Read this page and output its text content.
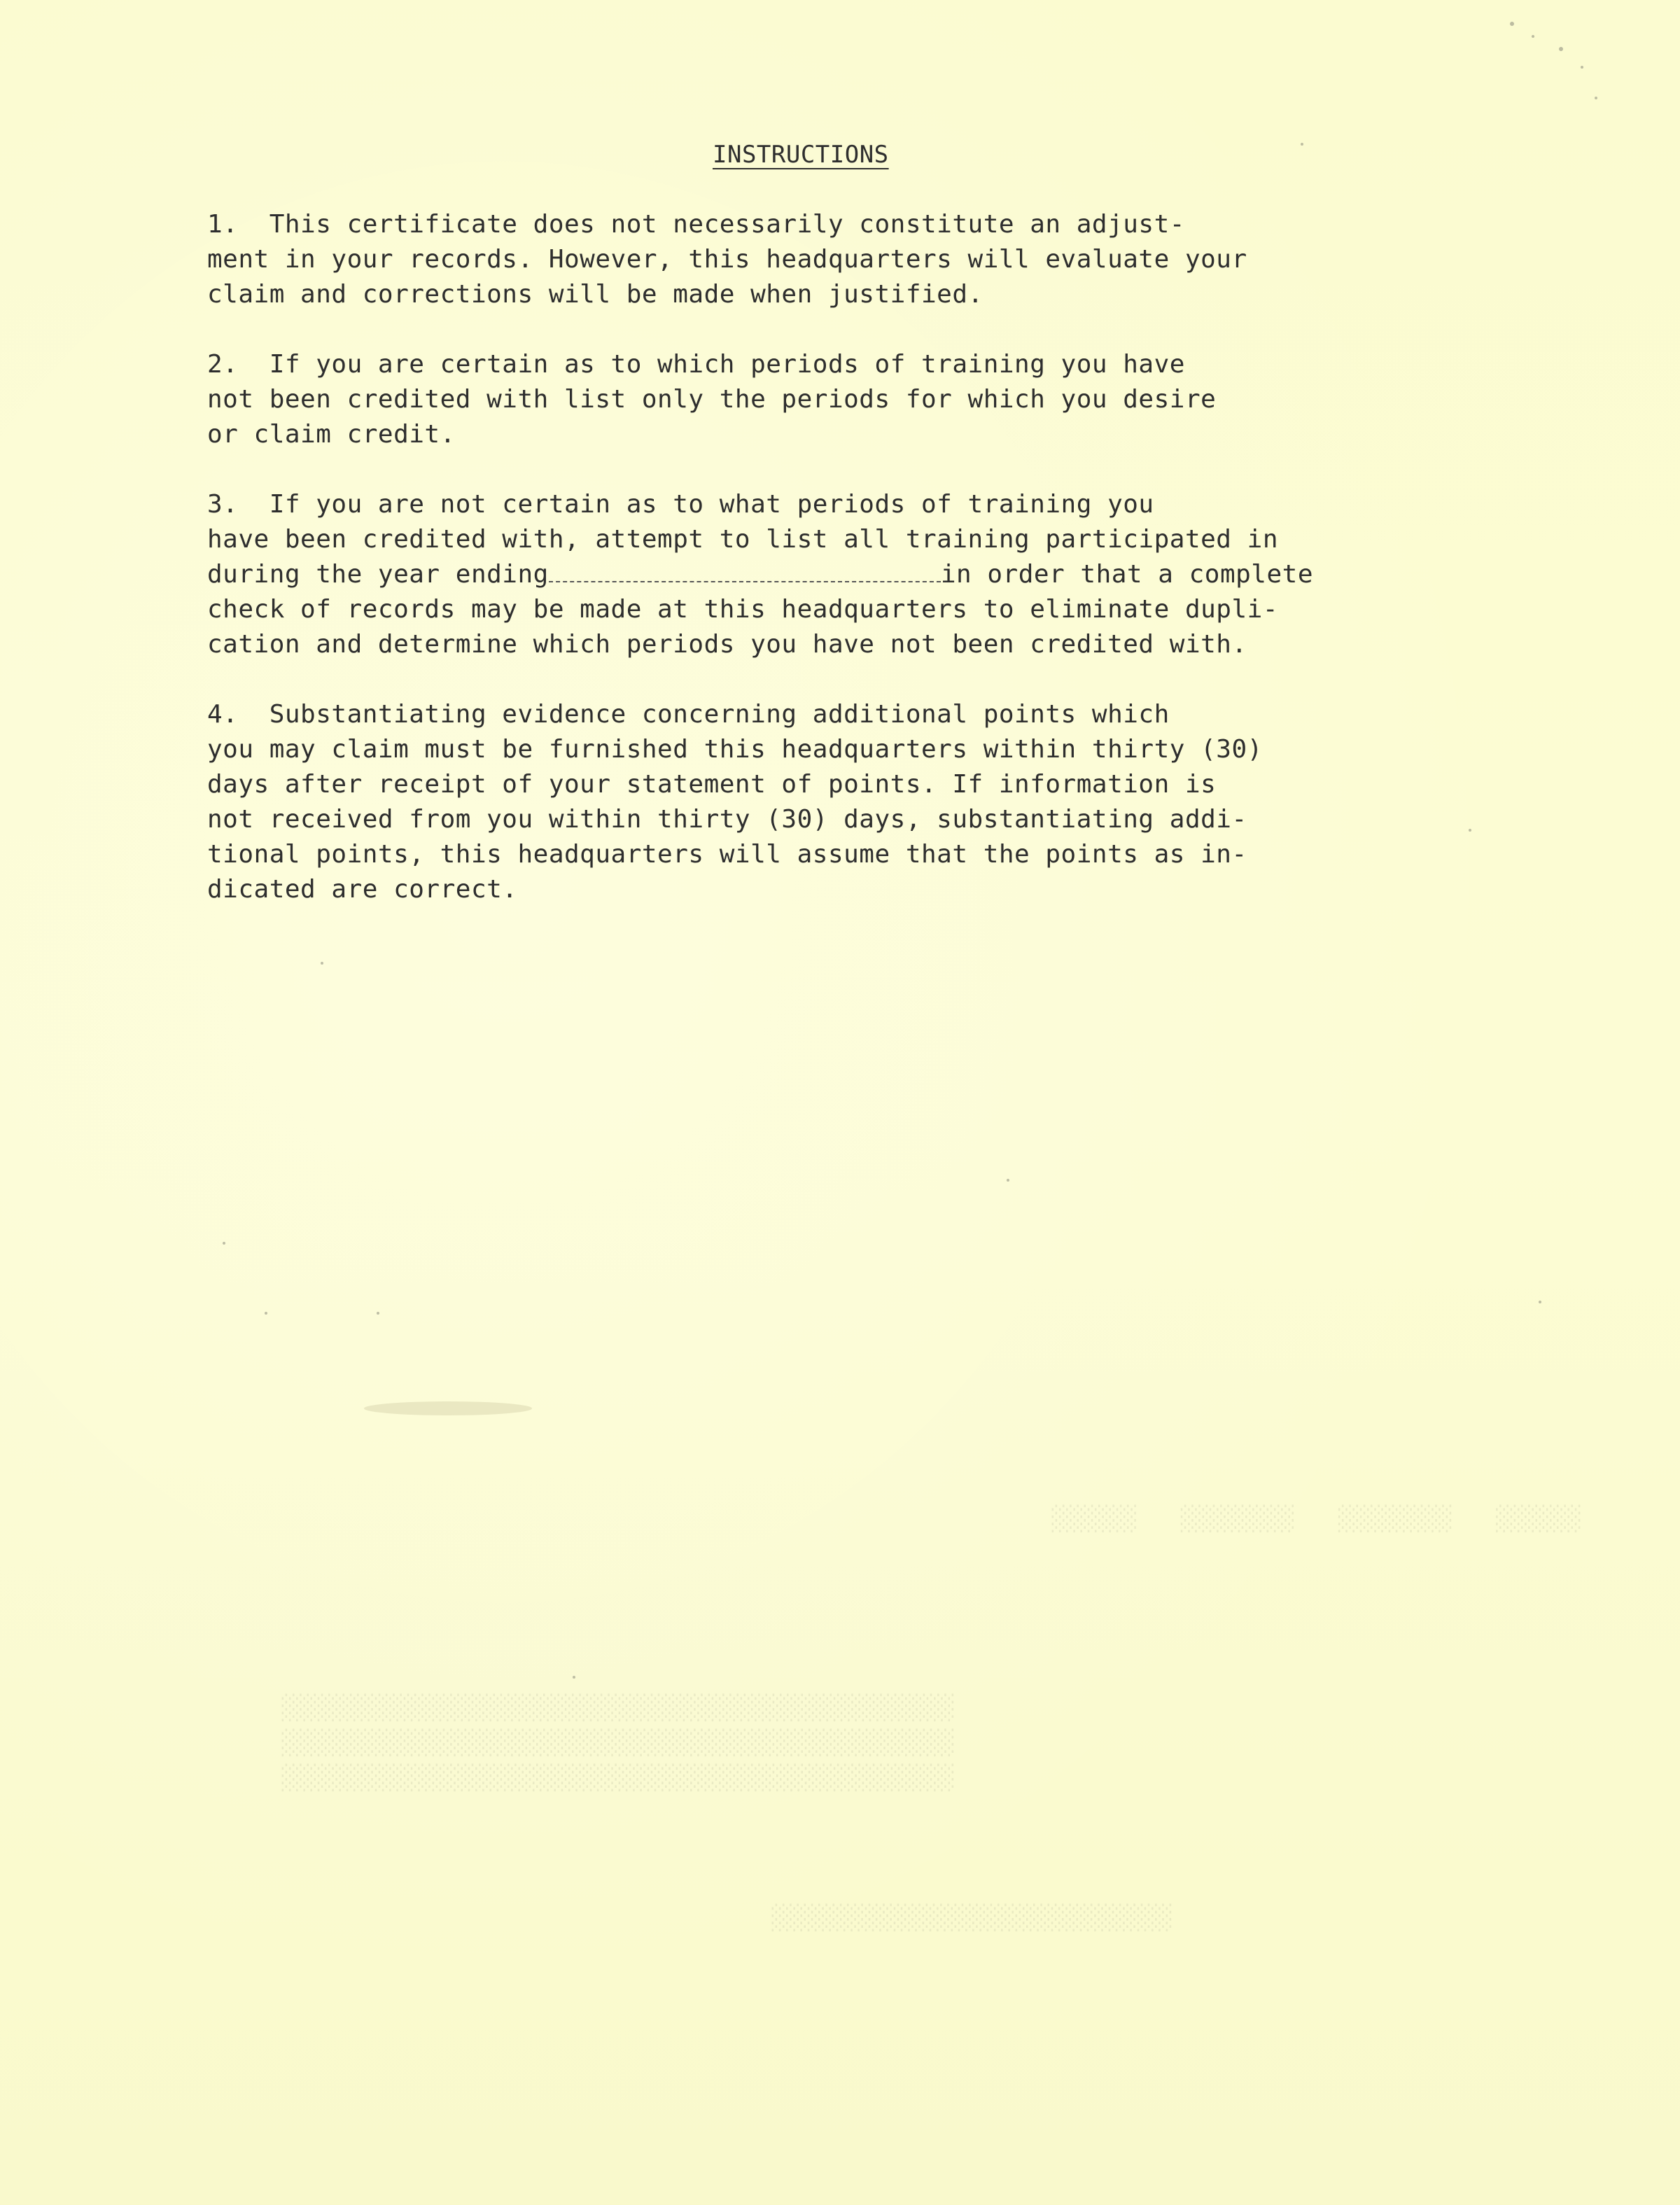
░░░░░░   ░░░░░░░░   ░░░░░░░░   ░░░░░░
░░░░░░░░░░░░░░░░░░░░░░░░░░░░░░░░░░░░░░░░░░░░░░░
░░░░░░░░░░░░░░░░░░░░░░░░░░░░░░░░░░░░░░░░░░░░░░░
░░░░░░░░░░░░░░░░░░░░░░░░░░░░░░░░░░░░░░░░░░░░░░░
░░░░░░░░░░░░░░░░░░░░░░░░░░░░
INSTRUCTIONS
1.  This certificate does not necessarily constitute an adjust-
ment in your records. However, this headquarters will evaluate your
claim and corrections will be made when justified.
2.  If you are certain as to which periods of training you have
not been credited with list only the periods for which you desire
or claim credit.
3.  If you are not certain as to what periods of training you
have been credited with, attempt to list all training participated in
during the year ending	in order that a complete
check of records may be made at this headquarters to eliminate dupli-
cation and determine which periods you have not been credited with.
4.  Substantiating evidence concerning additional points which
you may claim must be furnished this headquarters within thirty (30)
days after receipt of your statement of points. If information is
not received from you within thirty (30) days, substantiating addi-
tional points, this headquarters will assume that the points as in-
dicated are correct.
